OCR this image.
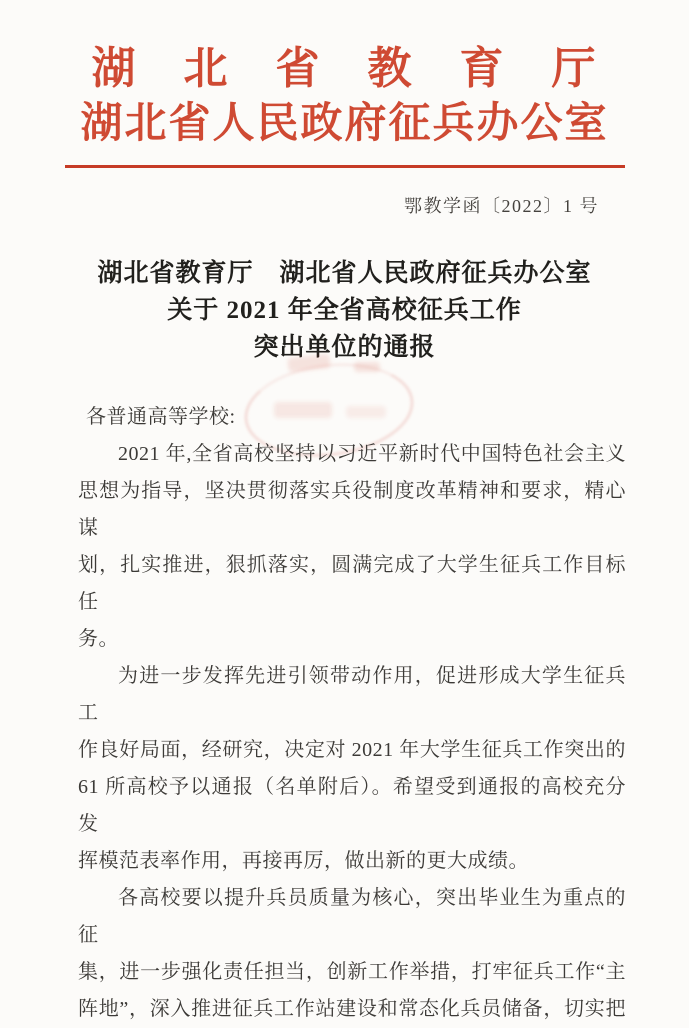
湖　北　省　教　育　厅
湖北省人民政府征兵办公室
鄂教学函〔2022〕1 号
湖北省教育厅　湖北省人民政府征兵办公室
关于 2021 年全省高校征兵工作
突出单位的通报
各普通高等学校:
2021 年,全省高校坚持以习近平新时代中国特色社会主义
思想为指导，坚决贯彻落实兵役制度改革精神和要求，精心谋
划，扎实推进，狠抓落实，圆满完成了大学生征兵工作目标任
务。
为进一步发挥先进引领带动作用，促进形成大学生征兵工
作良好局面，经研究，决定对 2021 年大学生征兵工作突出的
61 所高校予以通报（名单附后）。希望受到通报的高校充分发
挥模范表率作用，再接再厉，做出新的更大成绩。
各高校要以提升兵员质量为核心，突出毕业生为重点的征
集，进一步强化责任担当，创新工作举措，打牢征兵工作“主
阵地”，深入推进征兵工作站建设和常态化兵员储备，切实把
